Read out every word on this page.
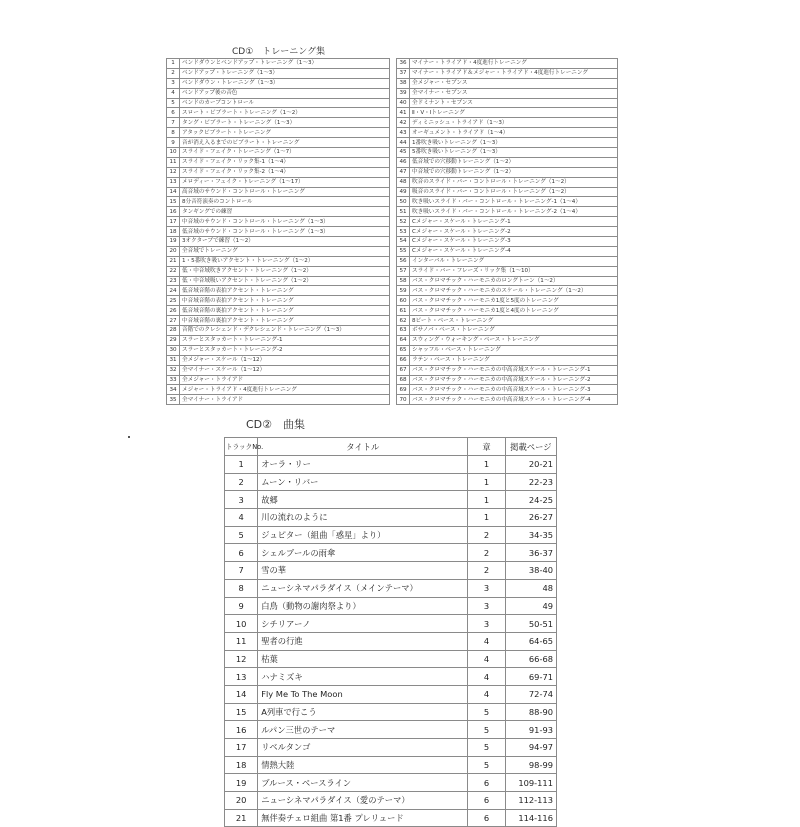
CD①　トレーニング集
1	ベンドダウンとベンドアップ・トレーニング（1〜3）
2	ベンドアップ・トレーニング（1〜3）
3	ベンドダウン・トレーニング（1〜3）
4	ベンドアップ後の音色
5	ベンドのカーブコントロール
6	スロート・ビブラート・トレーニング（1〜2）
7	タング・ビブラート・トレーニング（1〜3）
8	アタックビブラート・トレーニング
9	音が消え入るまでのビブラート・トレーニング
10	スライド・フェイク・トレーニング（1〜7）
11	スライド・フェイク・リック集-1（1〜4）
12	スライド・フェイク・リック集-2（1〜4）
13	メロディー・フェイク・トレーニング（1〜17）
14	高音域のサウンド・コントロール・トレーニング
15	8分音符演奏のコントロール
16	タンギングでの練習
17	中音域のサウンド・コントロール・トレーニング（1〜3）
18	低音域のサウンド・コントロール・トレーニング（1〜3）
19	3オクターブで練習（1〜2）
20	全音域でトレーニング
21	1・5番吹き吸いアクセント・トレーニング（1〜2）
22	低・中音域吹きアクセント・トレーニング（1〜2）
23	低・中音域吸いアクセント・トレーニング（1〜2）
24	低音域音階の表拍アクセント・トレーニング
25	中音域音階の表拍アクセント・トレーニング
26	低音域音階の裏拍アクセント・トレーニング
27	中音域音階の裏拍アクセント・トレーニング
28	音階でのクレシェンド・デクレシェンド・トレーニング（1〜3）
29	スラーとスタッカート・トレーニング-1
30	スラーとスタッカート・トレーニング-2
31	全メジャー・スケール（1〜12）
32	全マイナー・スケール（1〜12）
33	全メジャー・トライアド
34	メジャー・トライアド・4度進行トレーニング
35	全マイナー・トライアド
36	マイナー・トライアド・4度進行トレーニング
37	マイナー・トライアド＆メジャー・トライアド・4度進行トレーニング
38	全メジャー・セブンス
39	全マイナー・セブンス
40	全ドミナント・セブンス
41	Ⅱ・Ⅴ・Ⅰトレーニング
42	ディミニッシュ・トライアド（1〜3）
43	オーギュメント・トライアド（1〜4）
44	1番吹き吸いトレーニング（1〜3）
45	5番吹き吸いトレーニング（1〜3）
46	低音域での穴移動トレーニング（1〜2）
47	中音域での穴移動トレーニング（1〜2）
48	吹音のスライド・バー・コントロール・トレーニング（1〜2）
49	吸音のスライド・バー・コントロール・トレーニング（1〜2）
50	吹き吸いスライド・バー・コントロール・トレーニング-1（1〜4）
51	吹き吸いスライド・バー・コントロール・トレーニング-2（1〜4）
52	Cメジャー・スケール・トレーニング-1
53	Cメジャー・スケール・トレーニング-2
54	Cメジャー・スケール・トレーニング-3
55	Cメジャー・スケール・トレーニング-4
56	インターバル・トレーニング
57	スライド・バー・フレーズ・リック集（1〜10）
58	バス・クロマチック・ハーモニカのロングトーン（1〜2）
59	バス・クロマチック・ハーモニカのスケール・トレーニング（1〜2）
60	バス・クロマチック・ハーモニカ1度と5度のトレーニング
61	バス・クロマチック・ハーモニカ1度と4度のトレーニング
62	8ビート・ベース・トレーニング
63	ボサノバ・ベース・トレーニング
64	スウィング・ウォーキング・ベース・トレーニング
65	シャッフル・ベース・トレーニング
66	ラテン・ベース・トレーニング
67	バス・クロマチック・ハーモニカの中高音域スケール・トレーニング-1
68	バス・クロマチック・ハーモニカの中高音域スケール・トレーニング-2
69	バス・クロマチック・ハーモニカの中高音域スケール・トレーニング-3
70	バス・クロマチック・ハーモニカの中高音域スケール・トレーニング-4
CD②　曲集
トラックNo.	タイトル	章	掲載ページ
1	オーラ・リー	1	20-21
2	ムーン・リバー	1	22-23
3	故郷	1	24-25
4	川の流れのように	1	26-27
5	ジュピター（組曲「惑星」より）	2	34-35
6	シェルブールの雨傘	2	36-37
7	雪の華	2	38-40
8	ニューシネマパラダイス（メインテーマ）	3	48
9	白鳥（動物の謝肉祭より）	3	49
10	シチリアーノ	3	50-51
11	聖者の行進	4	64-65
12	枯葉	4	66-68
13	ハナミズキ	4	69-71
14	Fly Me To The Moon	4	72-74
15	A列車で行こう	5	88-90
16	ルパン三世のテーマ	5	91-93
17	リベルタンゴ	5	94-97
18	情熱大陸	5	98-99
19	ブルース・ベースライン	6	109-111
20	ニューシネマパラダイス（愛のテーマ）	6	112-113
21	無伴奏チェロ組曲 第1番 プレリュード	6	114-116
